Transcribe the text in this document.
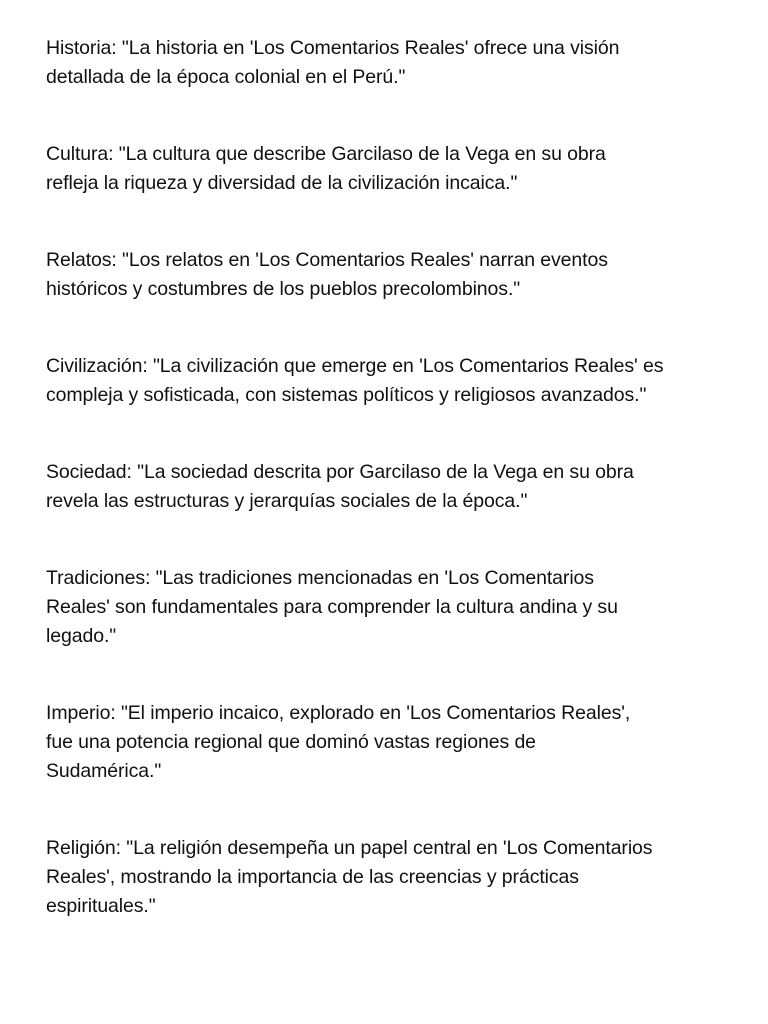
Historia: "La historia en 'Los Comentarios Reales' ofrece una visión
detallada de la época colonial en el Perú."

Cultura: "La cultura que describe Garcilaso de la Vega en su obra
refleja la riqueza y diversidad de la civilización incaica."

Relatos: "Los relatos en 'Los Comentarios Reales' narran eventos
históricos y costumbres de los pueblos precolombinos."

Civilización: "La civilización que emerge en 'Los Comentarios Reales' es
compleja y sofisticada, con sistemas políticos y religiosos avanzados."

Sociedad: "La sociedad descrita por Garcilaso de la Vega en su obra
revela las estructuras y jerarquías sociales de la época."

Tradiciones: "Las tradiciones mencionadas en 'Los Comentarios
Reales' son fundamentales para comprender la cultura andina y su
legado."

Imperio: "El imperio incaico, explorado en 'Los Comentarios Reales',
fue una potencia regional que dominó vastas regiones de
Sudamérica."

Religión: "La religión desempeña un papel central en 'Los Comentarios
Reales', mostrando la importancia de las creencias y prácticas
espirituales."
